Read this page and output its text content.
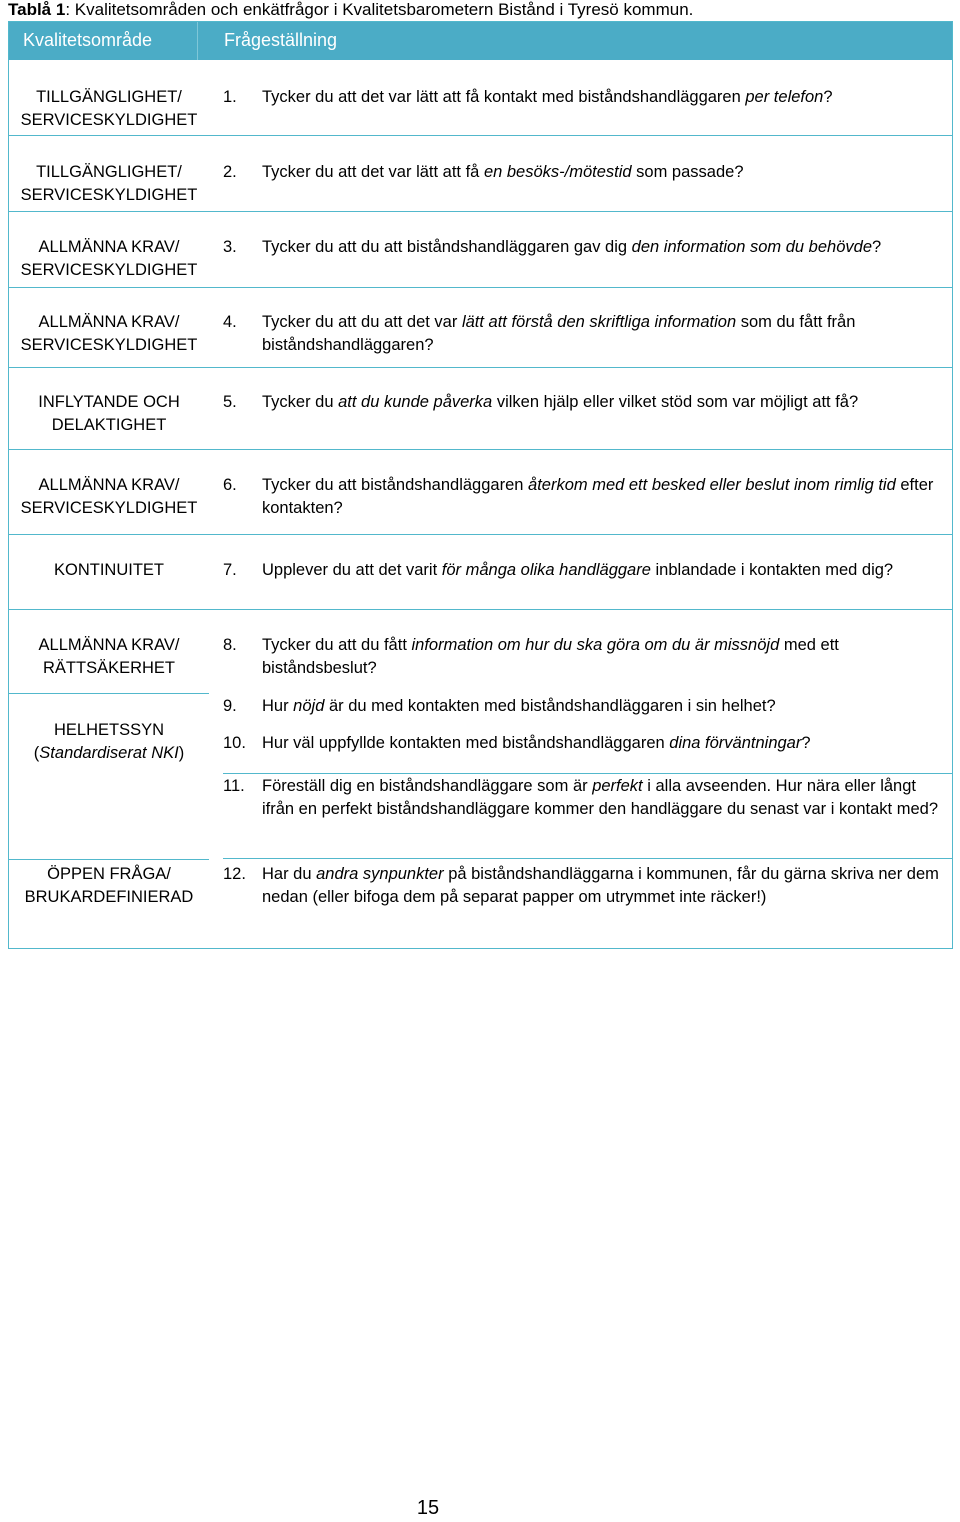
Tablå 1: Kvalitetsområden och enkätfrågor i Kvalitetsbarometern Bistånd i Tyresö kommun.
Kvalitetsområde	Frågeställning
TILLGÄNGLIGHET/
SERVICESKYLDIGHET
TILLGÄNGLIGHET/
SERVICESKYLDIGHET
ALLMÄNNA KRAV/
SERVICESKYLDIGHET
ALLMÄNNA KRAV/
SERVICESKYLDIGHET
INFLYTANDE OCH
DELAKTIGHET
ALLMÄNNA KRAV/
SERVICESKYLDIGHET
KONTINUITET
ALLMÄNNA KRAV/
RÄTTSÄKERHET
HELHETSSYN
(Standardiserat NKI)
ÖPPEN FRÅGA/
BRUKARDEFINIERAD
1. Tycker du att det var lätt att få kontakt med biståndshandläggaren per telefon?
2. Tycker du att det var lätt att få en besöks-/mötestid som passade?
3. Tycker du att du att biståndshandläggaren gav dig den information som du behövde?
4. Tycker du att du att det var lätt att förstå den skriftliga information som du fått från biståndshandläggaren?
5. Tycker du att du kunde påverka vilken hjälp eller vilket stöd som var möjligt att få?
6. Tycker du att biståndshandläggaren återkom med ett besked eller beslut inom rimlig tid efter kontakten?
7. Upplever du att det varit för många olika handläggare inblandade i kontakten med dig?
8. Tycker du att du fått information om hur du ska göra om du är missnöjd med ett biståndsbeslut?
9. Hur nöjd är du med kontakten med biståndshandläggaren i sin helhet?
10. Hur väl uppfyllde kontakten med biståndshandläggaren dina förväntningar?
11. Föreställ dig en biståndshandläggare som är perfekt i alla avseenden. Hur nära eller långt ifrån en perfekt biståndshandläggare kommer den handläggare du senast var i kontakt med?
12. Har du andra synpunkter på biståndshandläggarna i kommunen, får du gärna skriva ner dem nedan (eller bifoga dem på separat papper om utrymmet inte räcker!)
15
